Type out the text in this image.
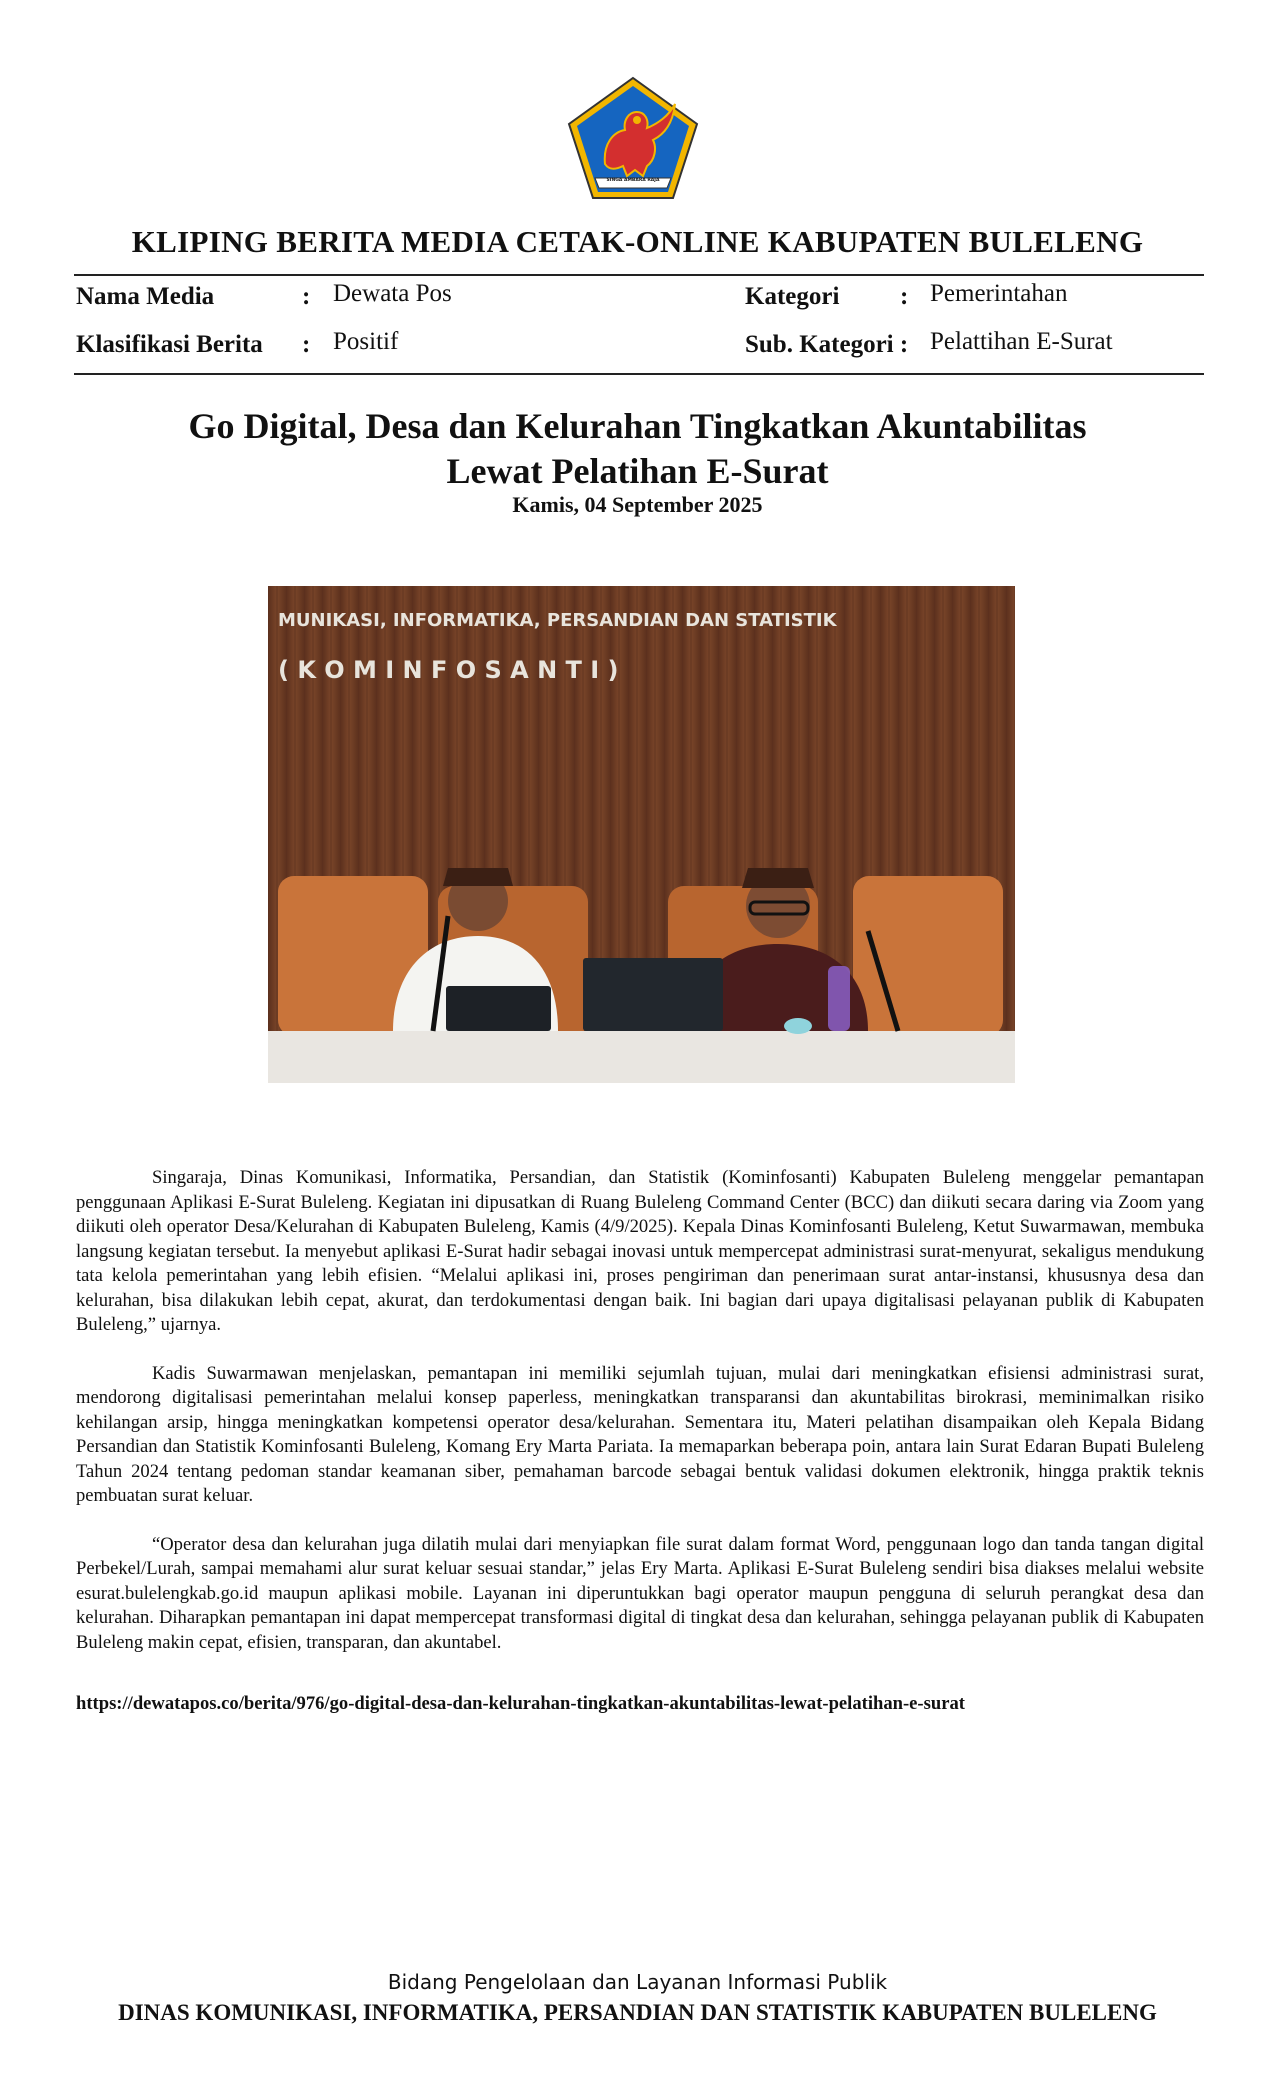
SINGA AMBARA RAJA
KLIPING BERITA MEDIA CETAK-ONLINE KABUPATEN BULELENG
Nama Media	: Dewata Pos	Kategori : Pemerintahan
Klasifikasi Berita : Positif	Sub. Kategori : Pelattihan E-Surat
Go Digital, Desa dan Kelurahan Tingkatkan Akuntabilitas
Lewat Pelatihan E-Surat
Kamis, 04 September 2025
MUNIKASI, INFORMATIKA, PERSANDIAN DAN STATISTIK
( K O M I N F O S A N T I )

Singaraja, Dinas Komunikasi, Informatika, Persandian, dan Statistik (Kominfosanti) Kabupaten Buleleng menggelar pemantapan penggunaan Aplikasi E-Surat Buleleng. Kegiatan ini dipusatkan di Ruang Buleleng Command Center (BCC) dan diikuti secara daring via Zoom yang diikuti oleh operator Desa/Kelurahan di Kabupaten Buleleng, Kamis (4/9/2025). Kepala Dinas Kominfosanti Buleleng, Ketut Suwarmawan, membuka langsung kegiatan tersebut. Ia menyebut aplikasi E-Surat hadir sebagai inovasi untuk mempercepat administrasi surat-menyurat, sekaligus mendukung tata kelola pemerintahan yang lebih efisien. “Melalui aplikasi ini, proses pengiriman dan penerimaan surat antar-instansi, khususnya desa dan kelurahan, bisa dilakukan lebih cepat, akurat, dan terdokumentasi dengan baik. Ini bagian dari upaya digitalisasi pelayanan publik di Kabupaten Buleleng,” ujarnya.

Kadis Suwarmawan menjelaskan, pemantapan ini memiliki sejumlah tujuan, mulai dari meningkatkan efisiensi administrasi surat, mendorong digitalisasi pemerintahan melalui konsep paperless, meningkatkan transparansi dan akuntabilitas birokrasi, meminimalkan risiko kehilangan arsip, hingga meningkatkan kompetensi operator desa/kelurahan. Sementara itu, Materi pelatihan disampaikan oleh Kepala Bidang Persandian dan Statistik Kominfosanti Buleleng, Komang Ery Marta Pariata. Ia memaparkan beberapa poin, antara lain Surat Edaran Bupati Buleleng Tahun 2024 tentang pedoman standar keamanan siber, pemahaman barcode sebagai bentuk validasi dokumen elektronik, hingga praktik teknis pembuatan surat keluar.

“Operator desa dan kelurahan juga dilatih mulai dari menyiapkan file surat dalam format Word, penggunaan logo dan tanda tangan digital Perbekel/Lurah, sampai memahami alur surat keluar sesuai standar,” jelas Ery Marta. Aplikasi E-Surat Buleleng sendiri bisa diakses melalui website esurat.bulelengkab.go.id maupun aplikasi mobile. Layanan ini diperuntukkan bagi operator maupun pengguna di seluruh perangkat desa dan kelurahan. Diharapkan pemantapan ini dapat mempercepat transformasi digital di tingkat desa dan kelurahan, sehingga pelayanan publik di Kabupaten Buleleng makin cepat, efisien, transparan, dan akuntabel.

https://dewatapos.co/berita/976/go-digital-desa-dan-kelurahan-tingkatkan-akuntabilitas-lewat-pelatihan-e-surat
Bidang Pengelolaan dan Layanan Informasi Publik
DINAS KOMUNIKASI, INFORMATIKA, PERSANDIAN DAN STATISTIK KABUPATEN BULELENG
